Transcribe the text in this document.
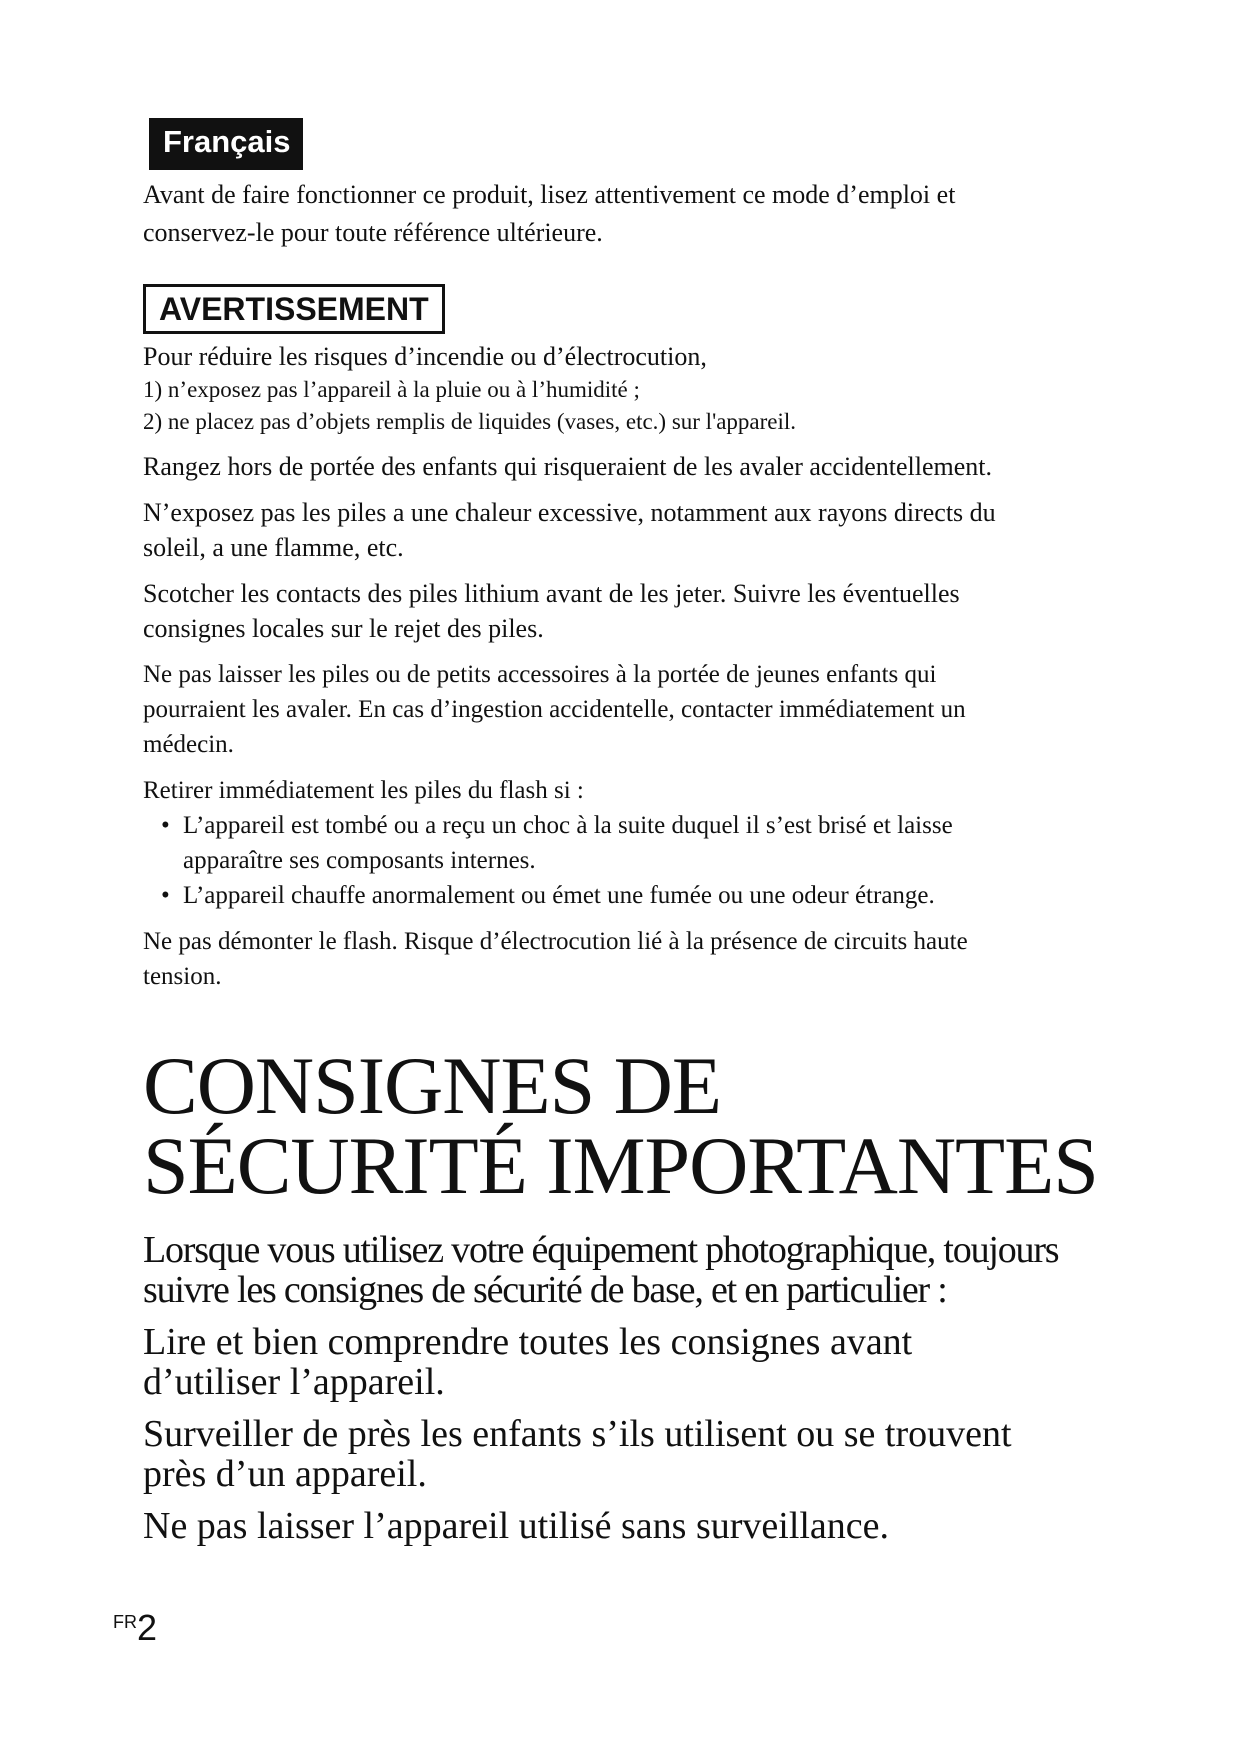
Français

Avant de faire fonctionner ce produit, lisez attentivement ce mode d’emploi et
conservez-le pour toute référence ultérieure.

AVERTISSEMENT

Pour réduire les risques d’incendie ou d’électrocution,

1) n’exposez pas l’appareil à la pluie ou à l’humidité ;

2) ne placez pas d’objets remplis de liquides (vases, etc.) sur l'appareil.

Rangez hors de portée des enfants qui risqueraient de les avaler accidentellement.

N’exposez pas les piles a une chaleur excessive, notamment aux rayons directs du
soleil, a une flamme, etc.

Scotcher les contacts des piles lithium avant de les jeter. Suivre les éventuelles
consignes locales sur le rejet des piles.

Ne pas laisser les piles ou de petits accessoires à la portée de jeunes enfants qui
pourraient les avaler. En cas d’ingestion accidentelle, contacter immédiatement un
médecin.

Retirer immédiatement les piles du flash si :

• L’appareil est tombé ou a reçu un choc à la suite duquel il s’est brisé et laisse
apparaître ses composants internes.
• L’appareil chauffe anormalement ou émet une fumée ou une odeur étrange.

Ne pas démonter le flash. Risque d’électrocution lié à la présence de circuits haute
tension.

CONSIGNES DE
SÉCURITÉ IMPORTANTES

Lorsque vous utilisez votre équipement photographique, toujours
suivre les consignes de sécurité de base, et en particulier :

Lire et bien comprendre toutes les consignes avant
d’utiliser l’appareil.

Surveiller de près les enfants s’ils utilisent ou se trouvent
près d’un appareil.

Ne pas laisser l’appareil utilisé sans surveillance.

FR2
